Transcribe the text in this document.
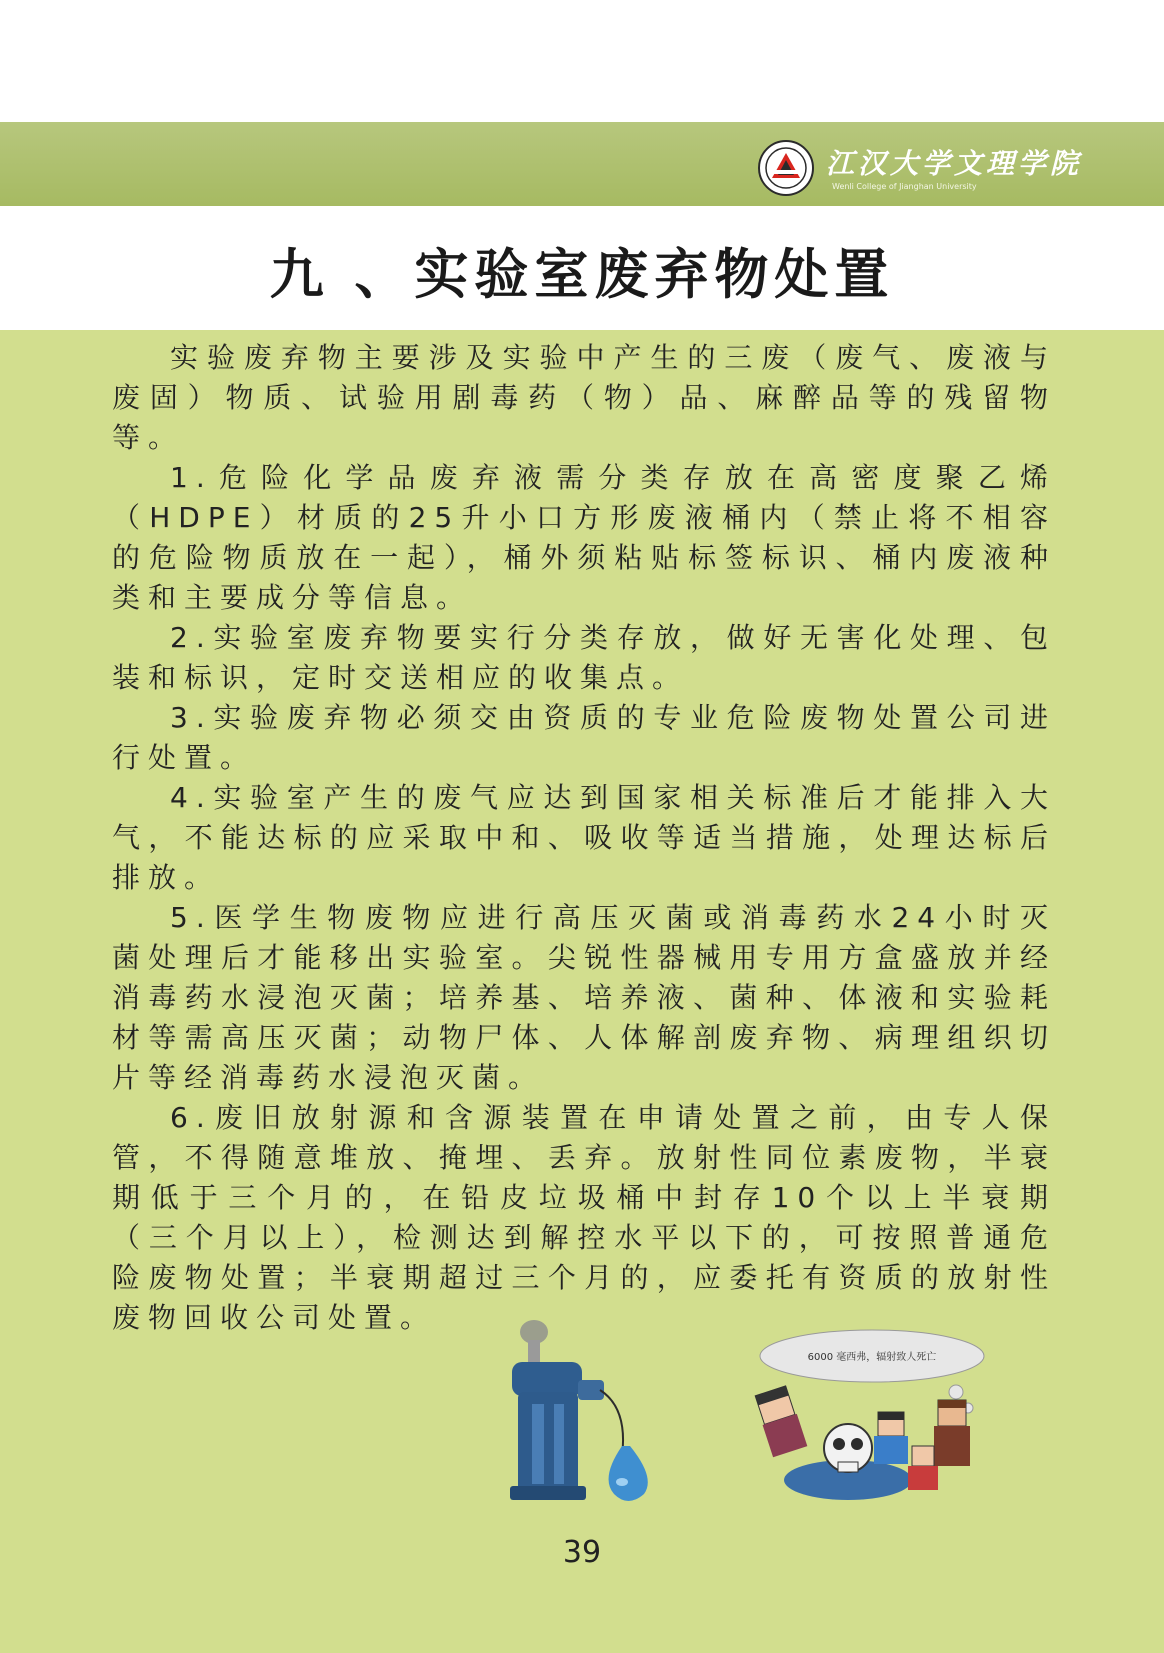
江汉大学文理学院
Wenli College of Jianghan University
九 、实验室废弃物处置

实验废弃物主要涉及实验中产生的三废（废气、废液与废固）物质、试验用剧毒药（物）品、麻醉品等的残留物等。

1.危险化学品废弃液需分类存放在高密度聚乙烯（HDPE）材质的25升小口方形废液桶内（禁止将不相容的危险物质放在一起），桶外须粘贴标签标识、桶内废液种类和主要成分等信息。

2.实验室废弃物要实行分类存放，做好无害化处理、包装和标识，定时交送相应的收集点。

3.实验废弃物必须交由资质的专业危险废物处置公司进行处置。

4.实验室产生的废气应达到国家相关标准后才能排入大气，不能达标的应采取中和、吸收等适当措施，处理达标后排放。

5.医学生物废物应进行高压灭菌或消毒药水24小时灭菌处理后才能移出实验室。尖锐性器械用专用方盒盛放并经消毒药水浸泡灭菌；培养基、培养液、菌种、体液和实验耗材等需高压灭菌；动物尸体、人体解剖废弃物、病理组织切片等经消毒药水浸泡灭菌。

6.废旧放射源和含源装置在申请处置之前，由专人保管，不得随意堆放、掩埋、丢弃。放射性同位素废物，半衰期低于三个月的，在铅皮垃圾桶中封存10个以上半衰期（三个月以上），检测达到解控水平以下的，可按照普通危险废物处置；半衰期超过三个月的，应委托有资质的放射性废物回收公司处置。

6000 毫西弗，辐射致人死亡
39
